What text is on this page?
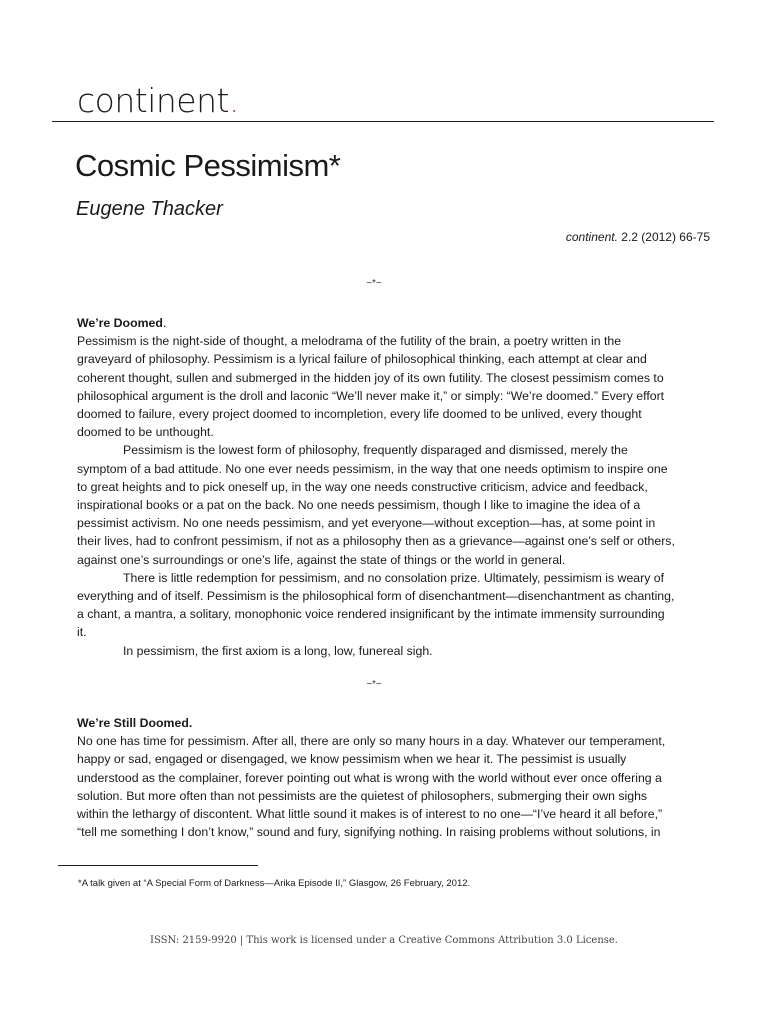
continent.
Cosmic Pessimism*
Eugene Thacker
continent. 2.2 (2012) 66-75
~*~
We’re Doomed.

Pessimism is the night-side of thought, a melodrama of the futility of the brain, a poetry written in the graveyard of philosophy. Pessimism is a lyrical failure of philosophical thinking, each attempt at clear and coherent thought, sullen and submerged in the hidden joy of its own futility. The closest pessimism comes to philosophical argument is the droll and laconic “We’ll never make it,” or simply: “We’re doomed.” Every effort doomed to failure, every project doomed to incompletion, every life doomed to be unlived, every thought doomed to be unthought.

Pessimism is the lowest form of philosophy, frequently disparaged and dismissed, merely the symptom of a bad attitude. No one ever needs pessimism, in the way that one needs optimism to inspire one to great heights and to pick oneself up, in the way one needs constructive criticism, advice and feedback, inspirational books or a pat on the back. No one needs pessimism, though I like to imagine the idea of a pessimist activism. No one needs pessimism, and yet everyone—without exception—has, at some point in their lives, had to confront pessimism, if not as a philosophy then as a grievance—against one’s self or others, against one’s surroundings or one’s life, against the state of things or the world in general.

There is little redemption for pessimism, and no consolation prize. Ultimately, pessimism is weary of everything and of itself. Pessimism is the philosophical form of disenchantment—disenchantment as chanting, a chant, a mantra, a solitary, monophonic voice rendered insignificant by the intimate immensity surrounding it.

In pessimism, the first axiom is a long, low, funereal sigh.

~*~
We’re Still Doomed.

No one has time for pessimism. After all, there are only so many hours in a day. Whatever our temperament, happy or sad, engaged or disengaged, we know pessimism when we hear it. The pessimist is usually understood as the complainer, forever pointing out what is wrong with the world without ever once offering a solution. But more often than not pessimists are the quietest of philosophers, submerging their own sighs within the lethargy of discontent. What little sound it makes is of interest to no one—“I’ve heard it all before,” “tell me something I don’t know,” sound and fury, signifying nothing. In raising problems without solutions, in

*A talk given at “A Special Form of Darkness—Arika Episode II,” Glasgow, 26 February, 2012.
ISSN: 2159-9920 | This work is licensed under a Creative Commons Attribution 3.0 License.
